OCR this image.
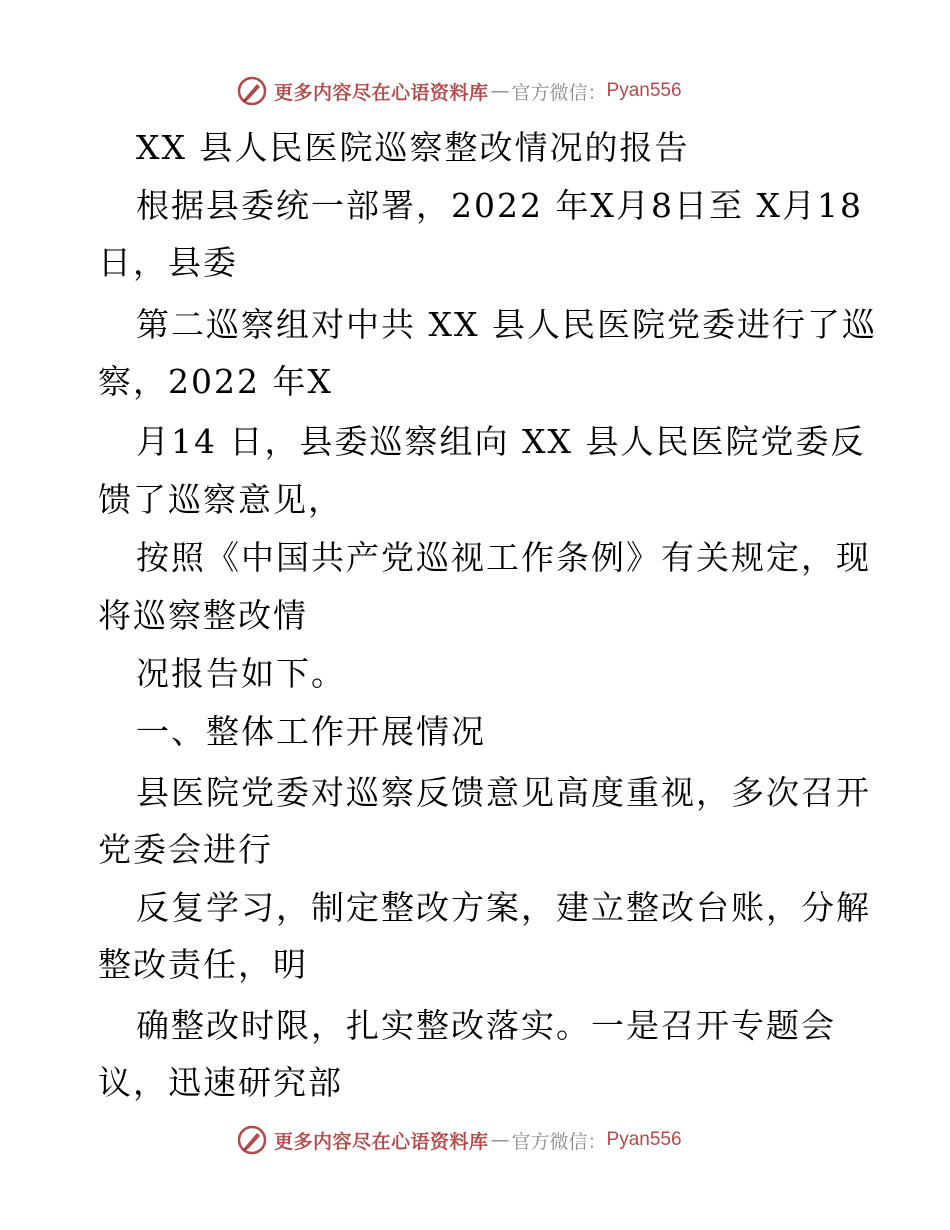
更多内容尽在心语资料库 — 官方微信： Pyan556
XX 县人民医院巡察整改情况的报告
根据县委统一部署，2022 年X月8日至 X月18
日，县委
第二巡察组对中共 XX 县人民医院党委进行了巡
察，2022 年X
月14 日，县委巡察组向 XX 县人民医院党委反
馈了巡察意见，
按照《中国共产党巡视工作条例》有关规定，现
将巡察整改情
况报告如下。
一、整体工作开展情况
县医院党委对巡察反馈意见高度重视，多次召开
党委会进行
反复学习，制定整改方案，建立整改台账，分解
整改责任，明
确整改时限，扎实整改落实。一是召开专题会
议，迅速研究部
更多内容尽在心语资料库 — 官方微信： Pyan556
